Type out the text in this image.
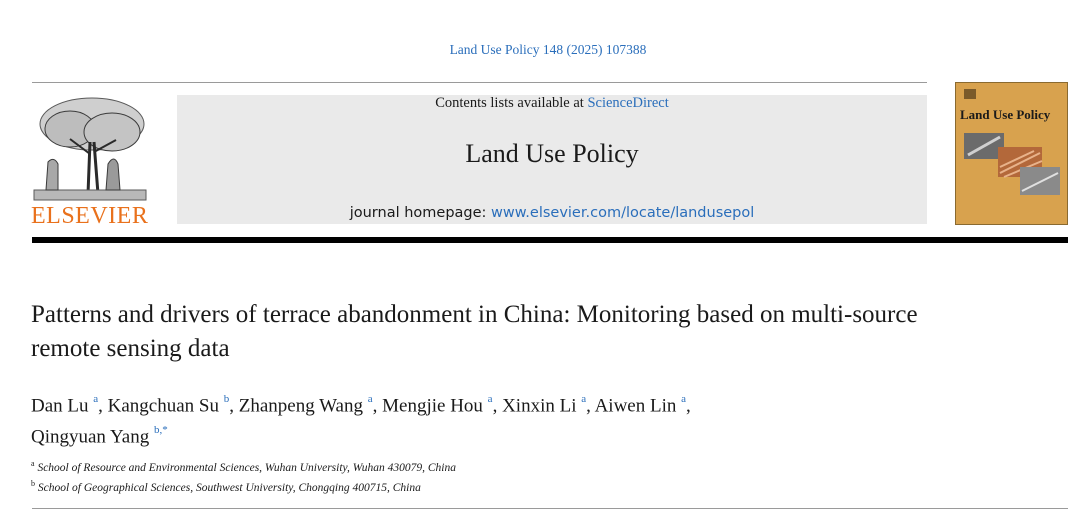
Land Use Policy 148 (2025) 107388
ELSEVIER
Contents lists available at ScienceDirect
Land Use Policy
journal homepage: www.elsevier.com/locate/landusepol
Land Use Policy
Patterns and drivers of terrace abandonment in China: Monitoring based on multi-source remote sensing data
Dan Lu $^a$, Kangchuan Su $^b$, Zhanpeng Wang $^a$, Mengjie Hou $^a$, Xinxin Li $^a$, Aiwen Lin $^a$,
Qingyuan Yang $^{b,*}$
$^a$ School of Resource and Environmental Sciences, Wuhan University, Wuhan 430079, China
$^b$ School of Geographical Sciences, Southwest University, Chongqing 400715, China
